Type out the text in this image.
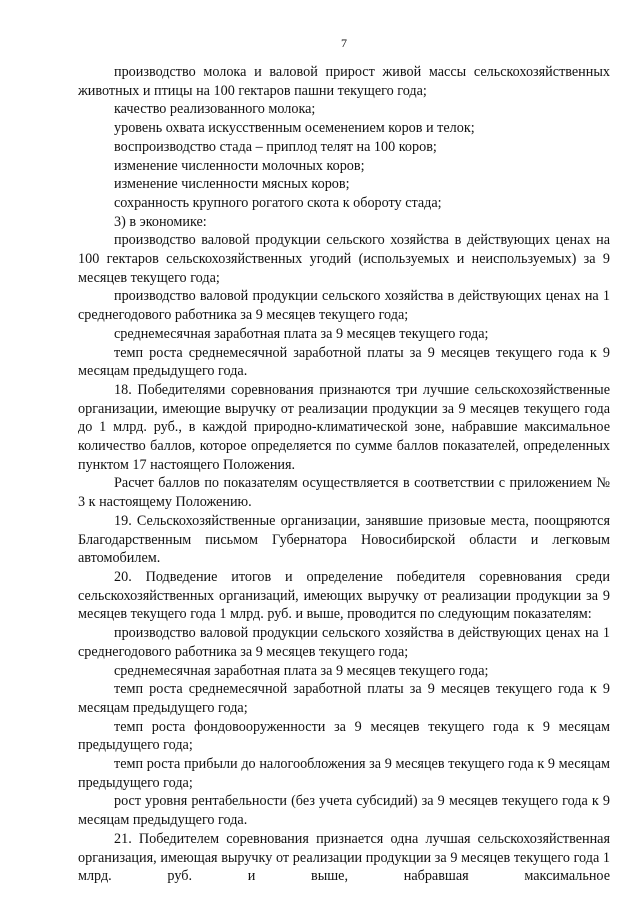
7

производство молока и валовой прирост живой массы сельскохозяйственных животных и птицы на 100 гектаров пашни текущего года;

качество реализованного молока;

уровень охвата искусственным осеменением коров и телок;

воспроизводство стада – приплод телят на 100 коров;

изменение численности молочных коров;

изменение численности мясных коров;

сохранность крупного рогатого скота к обороту стада;

3) в экономике:

производство валовой продукции сельского хозяйства в действующих ценах на 100 гектаров сельскохозяйственных угодий (используемых и неиспользуемых) за 9 месяцев текущего года;

производство валовой продукции сельского хозяйства в действующих ценах на 1 среднегодового работника за 9 месяцев текущего года;

среднемесячная заработная плата за 9 месяцев текущего года;

темп роста среднемесячной заработной платы за 9 месяцев текущего года к 9 месяцам предыдущего года.

18. Победителями соревнования признаются три лучшие сельскохозяйственные организации, имеющие выручку от реализации продукции за 9 месяцев текущего года до 1 млрд. руб., в каждой природно-климатической зоне, набравшие максимальное количество баллов, которое определяется по сумме баллов показателей, определенных пунктом 17 настоящего Положения.

Расчет баллов по показателям осуществляется в соответствии с приложением № 3 к настоящему Положению.

19. Сельскохозяйственные организации, занявшие призовые места, поощряются Благодарственным письмом Губернатора Новосибирской области и легковым автомобилем.

20. Подведение итогов и определение победителя соревнования среди сельскохозяйственных организаций, имеющих выручку от реализации продукции за 9 месяцев текущего года 1 млрд. руб. и выше, проводится по следующим показателям:

производство валовой продукции сельского хозяйства в действующих ценах на 1 среднегодового работника за 9 месяцев текущего года;

среднемесячная заработная плата за 9 месяцев текущего года;

темп роста среднемесячной заработной платы за 9 месяцев текущего года к 9 месяцам предыдущего года;

темп роста фондовооруженности за 9 месяцев текущего года к 9 месяцам предыдущего года;

темп роста прибыли до налогообложения за 9 месяцев текущего года к 9 месяцам предыдущего года;

рост уровня рентабельности (без учета субсидий) за 9 месяцев текущего года к 9 месяцам предыдущего года.

21. Победителем соревнования признается одна лучшая сельскохозяйственная организация, имеющая выручку от реализации продукции за 9 месяцев текущего года 1 млрд. руб. и выше, набравшая максимальное
